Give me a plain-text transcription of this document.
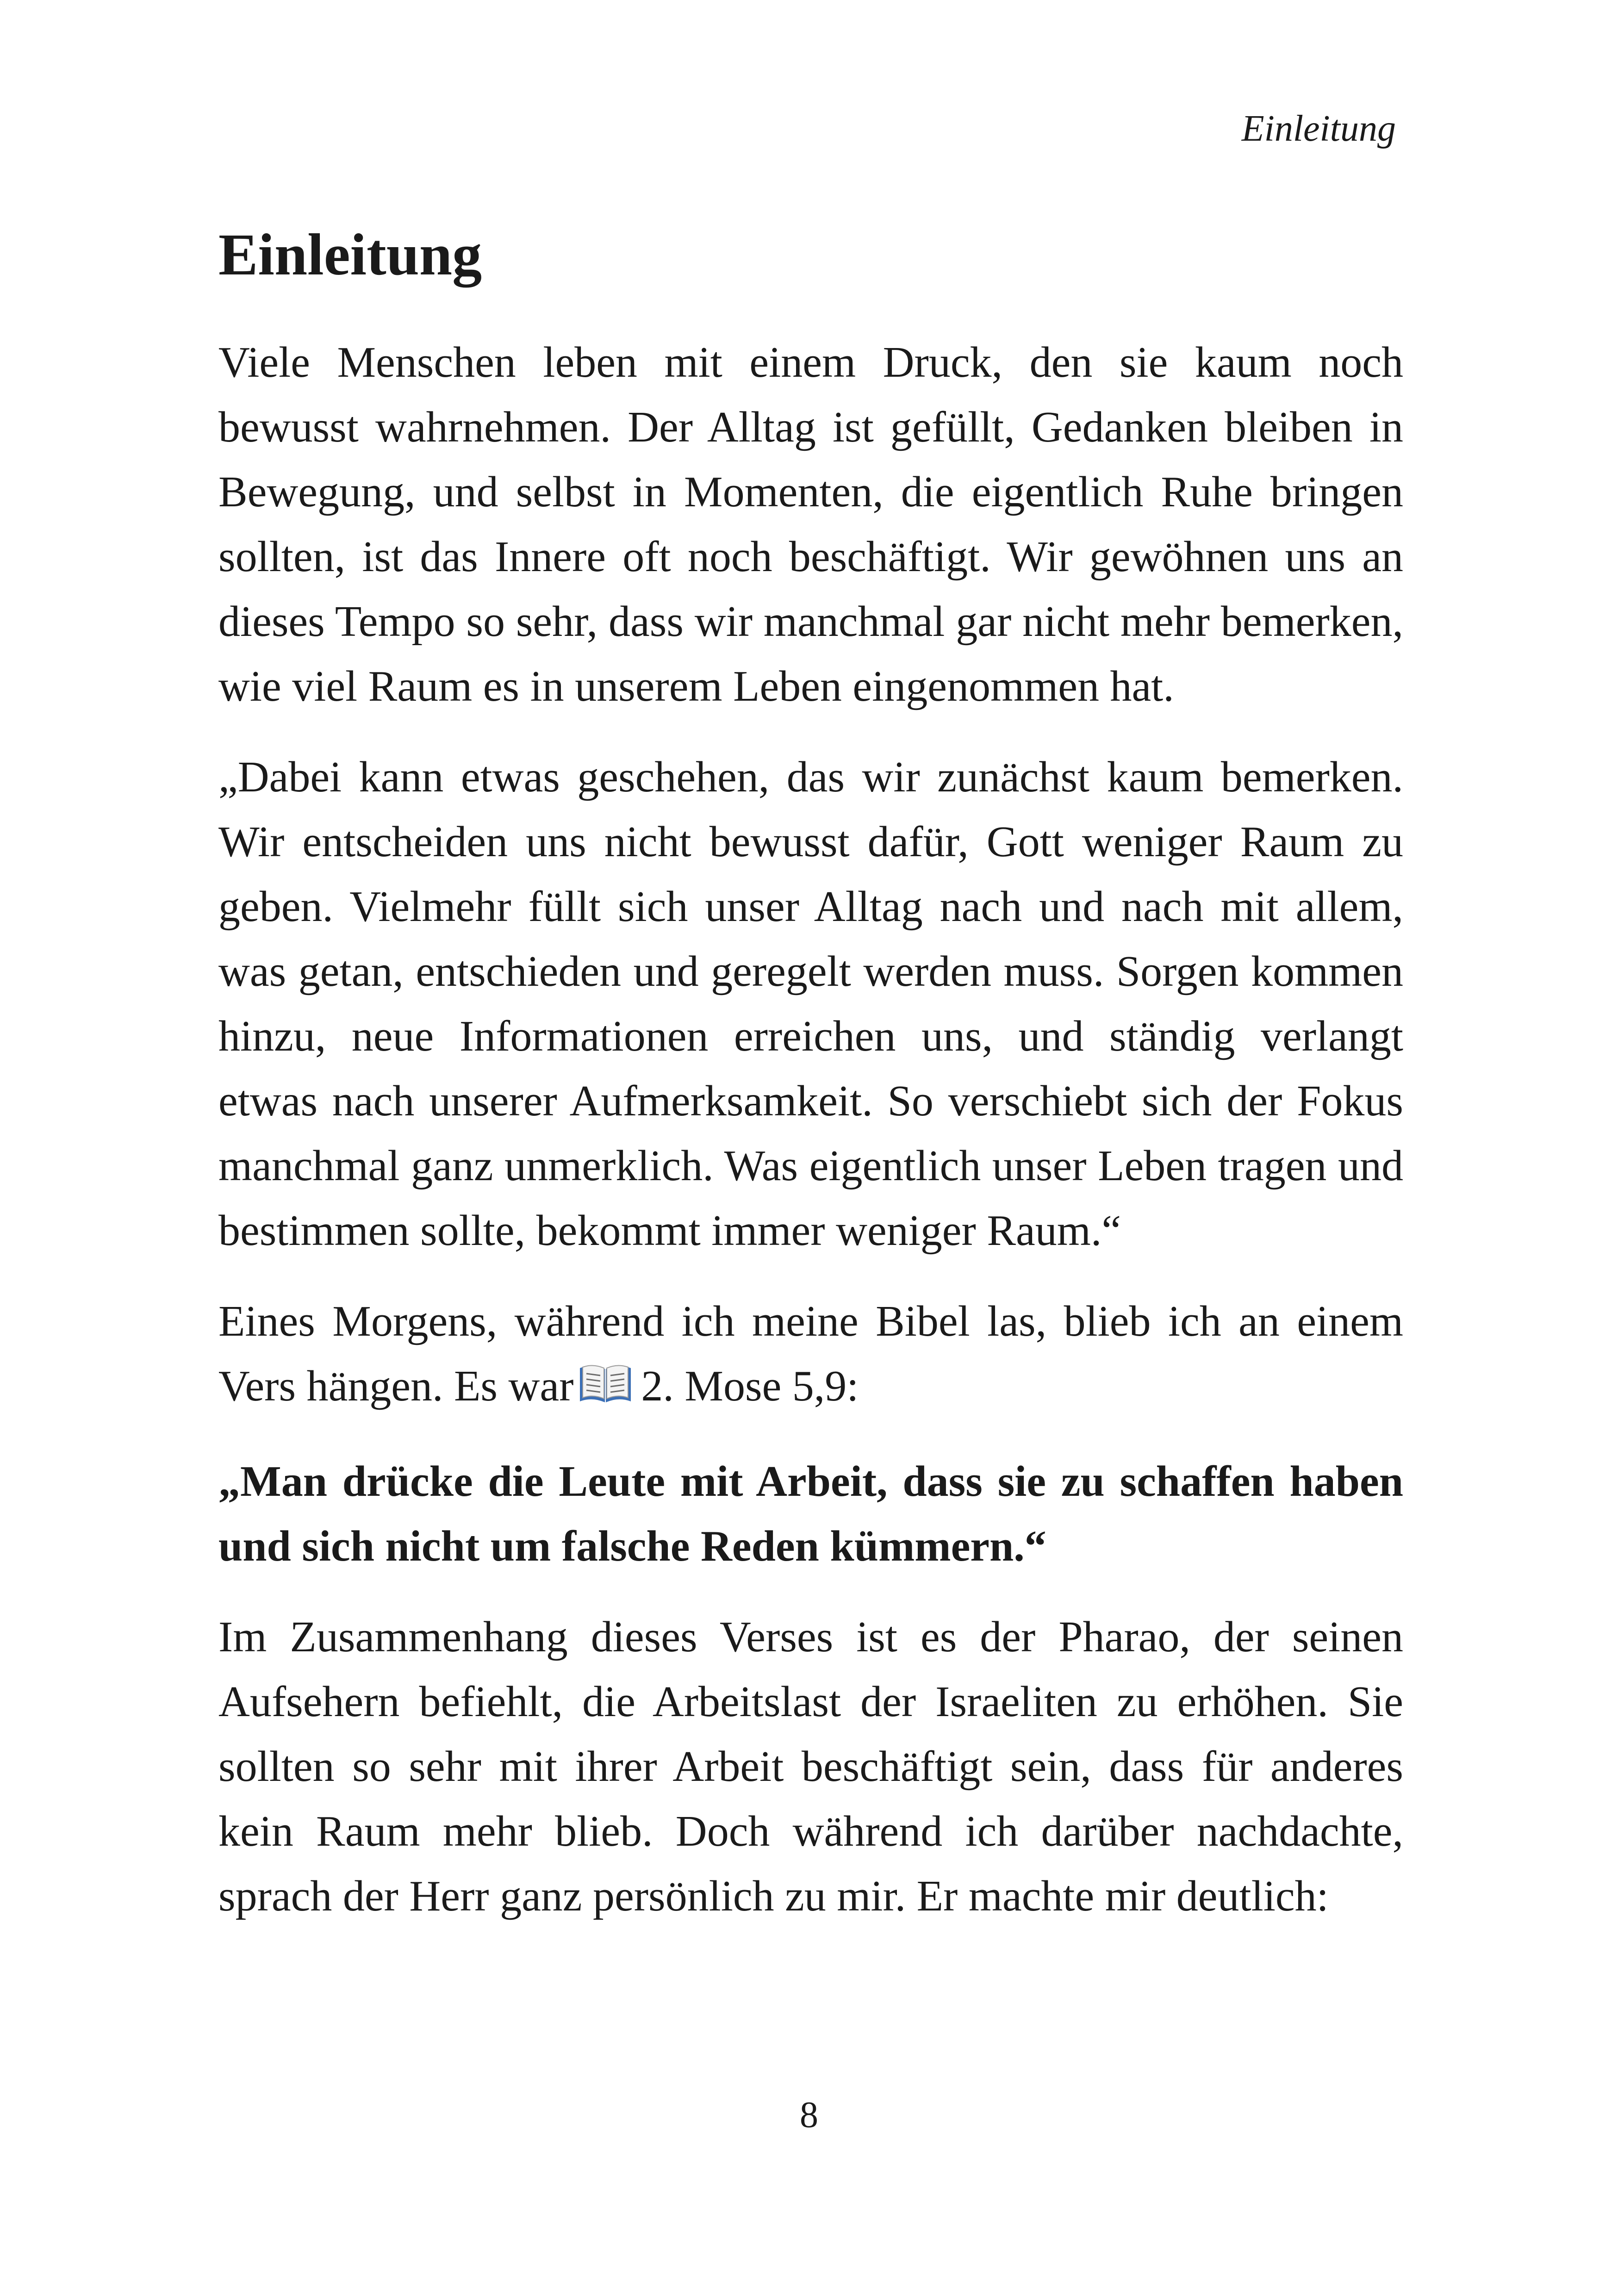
Einleitung
Einleitung

Viele Menschen leben mit einem Druck, den sie kaum noch bewusst wahrnehmen. Der Alltag ist gefüllt, Gedanken bleiben in Bewegung, und selbst in Momenten, die eigentlich Ruhe bringen sollten, ist das Innere oft noch beschäftigt. Wir gewöhnen uns an dieses Tempo so sehr, dass wir manchmal gar nicht mehr bemerken, wie viel Raum es in unserem Leben eingenommen hat.

„Dabei kann etwas geschehen, das wir zunächst kaum bemerken. Wir entscheiden uns nicht bewusst dafür, Gott weniger Raum zu geben. Vielmehr füllt sich unser Alltag nach und nach mit allem, was getan, entschieden und geregelt werden muss. Sorgen kommen hinzu, neue Informationen erreichen uns, und ständig verlangt etwas nach unserer Aufmerksamkeit. So verschiebt sich der Fokus manchmal ganz unmerklich. Was eigentlich unser Leben tragen und bestimmen sollte, bekommt immer weniger Raum.“

Eines Morgens, während ich meine Bibel las, blieb ich an einem Vers hängen. Es war 2. Mose 5,9:

„Man drücke die Leute mit Arbeit, dass sie zu schaffen haben und sich nicht um falsche Reden kümmern.“

Im Zusammenhang dieses Verses ist es der Pharao, der seinen Aufsehern befiehlt, die Arbeitslast der Israeliten zu erhöhen. Sie sollten so sehr mit ihrer Arbeit beschäftigt sein, dass für anderes kein Raum mehr blieb. Doch während ich darüber nachdachte, sprach der Herr ganz persönlich zu mir. Er machte mir deutlich:

8
